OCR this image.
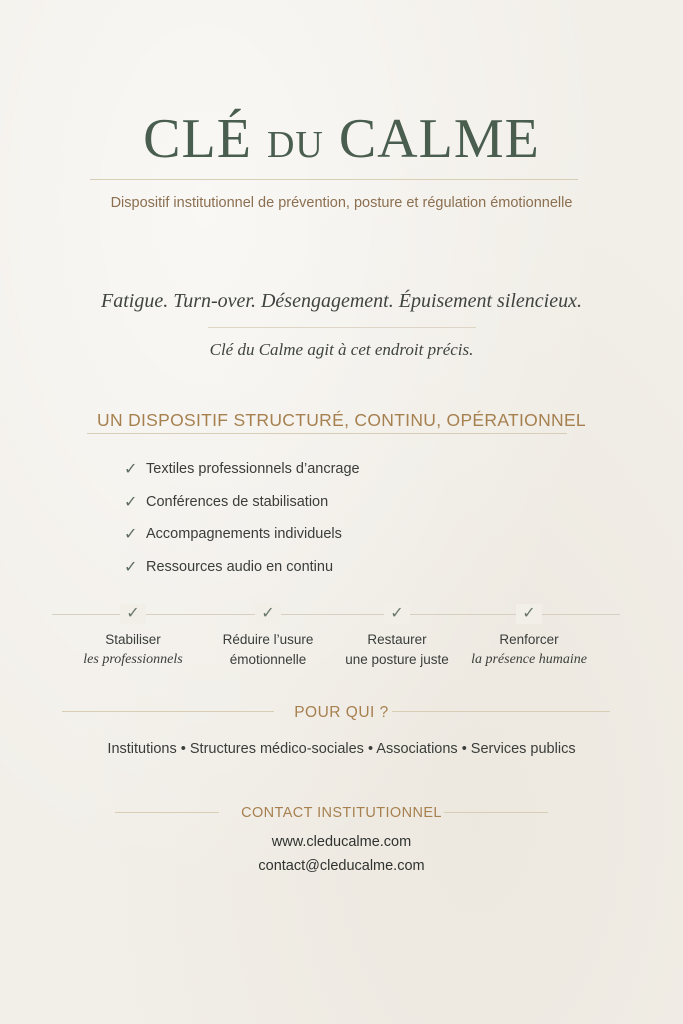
CLÉ DU CALME
Dispositif institutionnel de prévention, posture et régulation émotionnelle
Fatigue. Turn-over. Désengagement. Épuisement silencieux.
Clé du Calme agit à cet endroit précis.
UN DISPOSITIF STRUCTURÉ, CONTINU, OPÉRATIONNEL
✓ Textiles professionnels d’ancrage
✓ Conférences de stabilisation
✓ Accompagnements individuels
✓ Ressources audio en continu
✓
Stabiliser
les professionnels
✓
Réduire l’usure
émotionnelle
✓
Restaurer
une posture juste
✓
Renforcer
la présence humaine
POUR QUI ?
Institutions • Structures médico-sociales • Associations • Services publics
CONTACT INSTITUTIONNEL
www.cleducalme.com
contact@cleducalme.com
